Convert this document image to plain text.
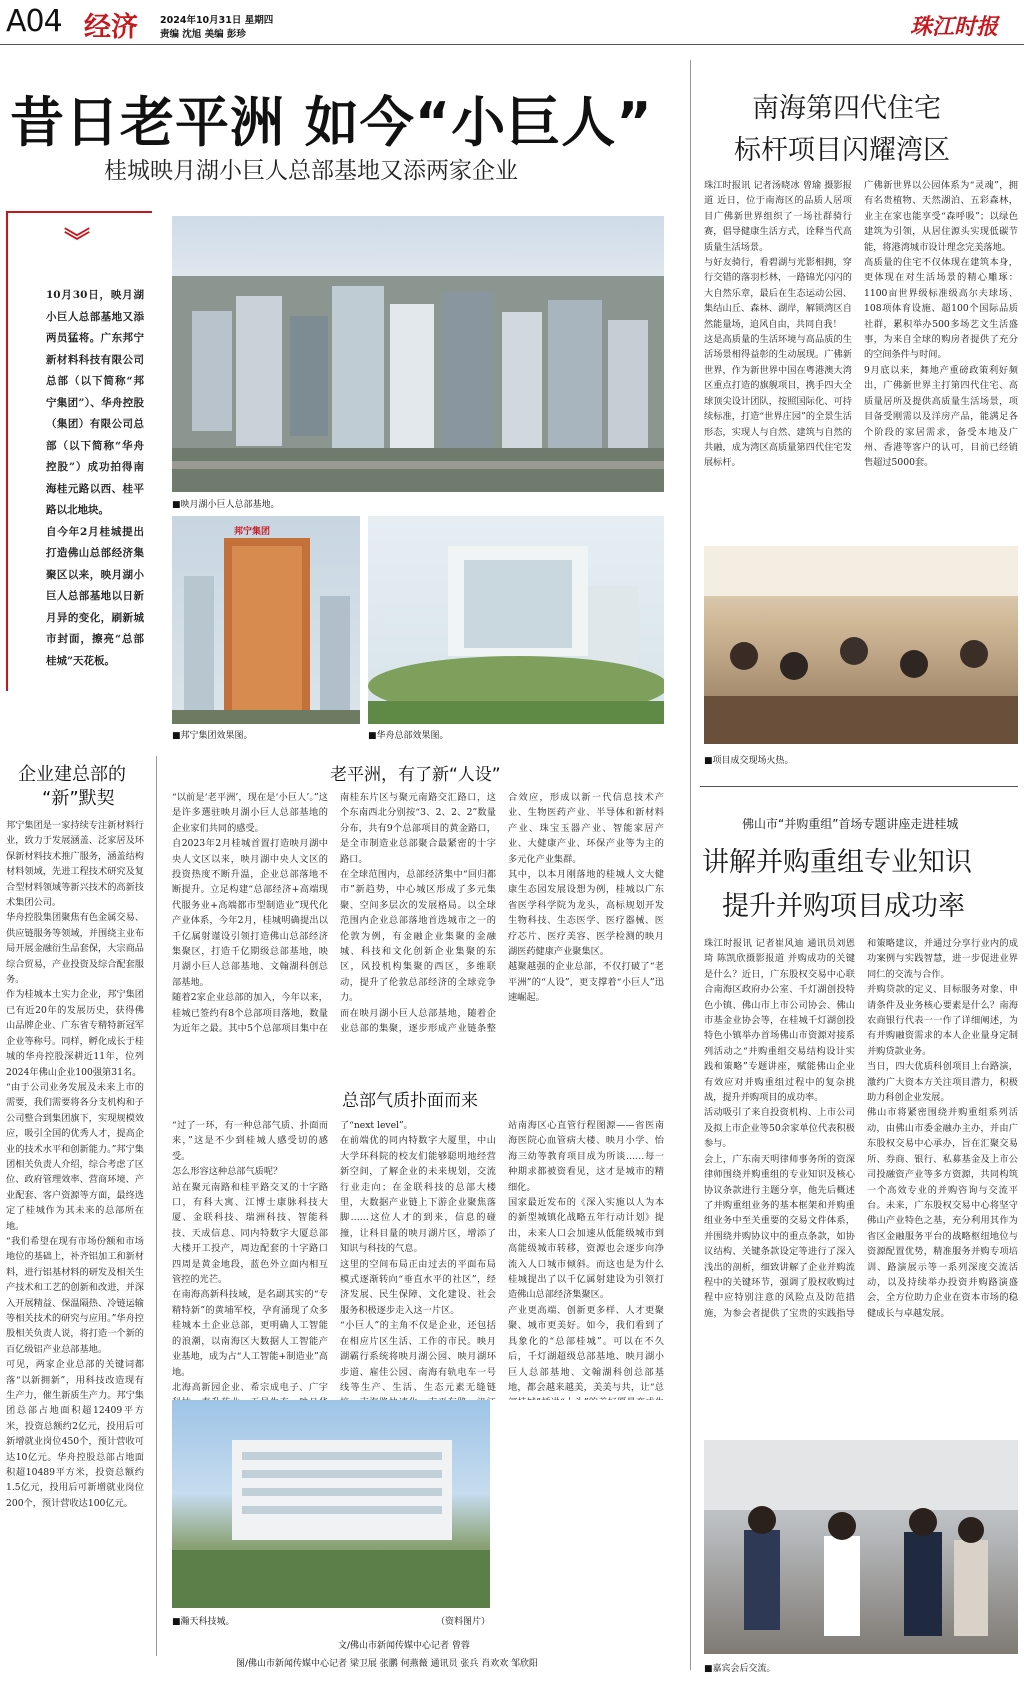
A04 经济 2024年10月31日 星期四
责编 沈旭 美编 彭珍	珠江时报
昔日老平洲 如今“小巨人”
桂城映月湖小巨人总部基地又添两家企业
︾
10月30日，映月湖小巨人总部基地又添两员猛将。广东邦宁新材料科技有限公司总部（以下简称“邦宁集团”）、华舟控股（集团）有限公司总部（以下简称“华舟控股”）成功拍得南海桂元路以西、桂平路以北地块。
自今年2月桂城提出打造佛山总部经济集聚区以来，映月湖小巨人总部基地以日新月异的变化，刷新城市封面，擦亮“总部桂城”天花板。
■映月湖小巨人总部基地。
邦宁集团
■邦宁集团效果图。	■华舟总部效果图。
企业建总部的
“新”默契
邦宁集团是一家持续专注新材料行业，致力于发展涵盖、泛家居及环保新材料技术推广服务，涵盖结构材料领域，先进工程技术研究及复合型材料领域等新兴技术的高新技术集团公司。
华舟控股集团聚焦有色金属交易、供应链服务等领域，并围绕主业布局开展金融衍生品套保，大宗商品综合贸易，产业投资及综合配套服务。
作为桂城本土实力企业，邦宁集团已有近20年的发展历史，获得佛山品牌企业、广东省专精特新冠军企业等称号。同样，孵化成长于桂城的华舟控股深耕近11年，位列2024年佛山企业100强第31名。
“由于公司业务发展及未来上市的需要，我们需要将各分支机构和子公司整合到集团旗下，实现规模效应，吸引全国的优秀人才，提高企业的技术水平和创新能力。”邦宁集团相关负责人介绍，综合考虑了区位、政府管理效率、营商环境、产业配套、客户资源等方面，最终选定了桂城作为其未来的总部所在地。
“我们希望在现有市场份额和市场地位的基础上，补齐铝加工和新材料，进行铝基材料的研发及相关生产技术和工艺的创新和改进，并深入开展精益、保温隔热、冷链运输等相关技术的研究与应用。”华舟控股相关负责人说，将打造一个新的百亿级铝产业总部基地。
可见，两家企业总部的关键词都落“以新拥新”，用科技改造现有生产力，催生新质生产力。邦宁集团总部占地面积超12409平方米，投资总额约2亿元，投用后可新增就业岗位450个，预计营收可达10亿元。华舟控股总部占地面积超10489平方米，投资总额约1.5亿元，投用后可新增就业岗位200个，预计营收达100亿元。
老平洲，有了新“人设”
“以前是‘老平洲’，现在是‘小巨人’。”这是许多選驻映月湖小巨人总部基地的企业家们共同的感受。
自2023年2月桂城首置打造映月湖中央人文区以来，映月湖中央人文区的投资热度不断升温，企业总部落地不断提升。立足构建“总部经济+高端现代服务业+高端都市型制造业”现代化产业体系，今年2月，桂城明确提出以千亿属射谨设引领打造佛山总部经济集聚区，打造千亿期级总部基地，映月湖小巨人总部基地、文翰湖科创总部基地。
随着2家企业总部的加入，今年以来，桂城已签约有8个总部项目落地，数量为近年之最。其中5个总部项目集中在南桂东片区与聚元南路交汇路口，这个东南西北分别按“3、2、2、2”数量分布，共有9个总部项目的黄金路口，是全市制造业总部聚合最紧密的十字路口。
在全球范围内，总部经济集中“回归都市”新趋势，中心城区形成了多元集聚、空间多层次的发展格局。以全球范围内企业总部落地首选城市之一的伦敦为例，有金融企业集聚的金融城、科技和文化创新企业集聚的东区，风投机构集聚的西区，多维联动，提升了伦敦总部经济的全球竞争力。
而在映月湖小巨人总部基地，随着企业总部的集聚，逐步形成产业链条整合效应，形成以新一代信息技术产业、生物医药产业、半导体和新材料产业、珠宝玉器产业、智能家居产业、大健康产业、环保产业等为主的多元化产业集群。
其中，以本月刚落地的桂城人文大健康生态园发展设想为例，桂城以广东省医学科学院为龙头，高标规划开发生物科技、生态医学、医疗器械、医疗芯片、医疗美容、医学检测的映月湖医药健康产业聚集区。
越聚越强的企业总部，不仅打破了“老平洲”的“人设”，更支撑着“小巨人”迅速崛起。
总部气质扑面而来
“过了一环，有一种总部气质、扑面而来，”这是不少到桂城人感受切的感受。
怎么形容这种总部气质呢？
站在聚元南路和桂平路交叉的十字路口，有科大寓、江博士康脉科技大厦、金联科技、瑞洲科技、智能科技、天成信息、同内特数字大厦总部大楼开工投产，周边配套的十字路口四周是黄金地段，蓝色外立面内相互管控的光芒。
在南海高新科技域，是名副其实的“专精特新”的黄埔军校，孕育涌现了众多桂城本土企业总部，更明确人工智能的浪潮，以南海区大数据人工智能产业基地，成为占“人工智能+制造业”高地。
北海高新园企业、希宗成电子、广宇 了“next level”。
在前端优的同内特数字大厦里，中山大学环科院的校友们能够聪明地经营新空间，了解企业的未来规划，交流行业走向；在金联科技的总部大楼里，大数据产业链上下游企业聚焦落脚……这位人才的到来，信息的碰撞，让科目量的映月湖片区，增添了知识与科技的气息。
这里的空间布局正由过去的平面布局模式逐渐转向“垂直水平的社区”，经济发展、民生保障、文化建设、社会服务积极逐步走入这一片区。
“小巨人”的主角不仅是企业，还包括在相应片区生活、工作的市民。映月湖霸行系统将映月湖公园、映月湖环步道、雇佳公园、南海有轨电车一号线等生产、生活、生态元素无缝链 站南海区心直管行程图源——省医南海医院心血管病大楼、映月小学、怡海三幼等教育项目成为所谈……每一种期求都被资看见，这才是城市的精细化。
国家最近发布的《深入实施以人为本的新型城镇化战略五年行动计划》提出，未来人口会加速从低能级城市到高能级城市转移，资源也会逐步向净流入人口城市倾斜。而这也是为什么桂城提出了以千亿属射建设为引领打造佛山总部经济集聚区。
产业更高端、创新更多样、人才更聚聚、城市更美好。如今，我们看到了具象化的“总部桂城”。可以在不久后，千灯湖超级总部基地、映月湖小巨人总部基地、文翰湖科创总部基地，都会越来越美，美美与共，让“总
■瀚天科技城。	（资料图片）
文/佛山市新闻传媒中心记者 曾蓉
图/佛山市新闻传媒中心记者 梁卫展 张鹏 何燕薇 通讯员 张兵 肖欢欢 邹欣阳
南海第四代住宅
标杆项目闪耀湾区
珠江时报讯 记者汤晓冰 曾瑜 摄影报道 近日，位于南海区的品质人居项目广佛新世界组织了一场社群骑行赛，倡导健康生活方式，诠释当代高质量生活场景。
与好友骑行，看碧湖与光影相拥，穿行交错的落羽杉林，一路锦光闪闪的大自然乐章，最后在生态运动公园、集结山丘、森林、湖岸，解锁湾区自然能量场，追风自由，共同自我！
这是高质量的生活环境与高品质的生活场景相得益彰的生动展现。广佛新世界，作为新世界中国在粤港澳大湾区重点打造的旗舰项目，携手四大全球顶尖设计团队，按照国际化、可持续标准，打造“世界庄园”的全景生活形态，实现人与自然、建筑与自然的共融，成为湾区高质量第四代住宅发展标杆。
广佛新世界以公园体系为“灵魂”，拥有名贵植物、天然湖泊、五彩森林，业主在家也能享受“森呼吸”；以绿色建筑为引领，从居住源头实现低碳节能，将港湾城市设计理念完美落地。
高质量的住宅不仅体现在建筑本身，更体现在对生活场景的精心雕琢：1100亩世界级标准级高尔夫球场、108项体育设施、超100个国际品质社群，累积举办500多场艺文生活盛事，为来自全球的购房者提供了充分的空间条件与时间。
9月底以来，舞地产重磅政策利好频出，广佛新世界主打第四代住宅、高质量居所及提供高质量生活场景，项目备受刚需以及洋房产品，能满足各个阶段的家居需求，备受本地及广州、香港等客户的认可，目前已经销售超过5000套。
■项目成交现场火热。
佛山市“并购重组”首场专题讲座走进桂城
讲解并购重组专业知识
提升并购项目成功率
珠江时报讯 记者崔风迪 通讯员刘恩琦 陈凯欣摄影报道 并购成功的关键是什么？近日，广东股权交易中心联合南海区政府办公室、千灯湖创投特色小镇、佛山市上市公司协会、佛山市基金业协会等，在桂城千灯湖创投特色小镇举办首场佛山市资源对接系列活动之“并购重组交易结构设计实践和策略”专题讲座，赋能佛山企业有效应对并购重组过程中的复杂挑战，提升并购项目的成功率。
活动吸引了来自投资机构、上市公司及拟上市企业等50余家单位代表积极参与。
会上，广东南天明律师事务所的资深律师围绕并购重组的专业知识及核心协议条款进行主题分享，他先后概述了并购重组业务的基本框架和并购重组业务中至关重要的交易文件体系，并围绕并购协议中的重点条款，如协议结构、关键条款设定等进行了深入浅出的剖析，细致讲解了企业并购流程中的关键环节，强调了股权收购过程中应特别注意的风险点及防范措施，为参会者提供了宝贵的实践指导和策略建议，并通过分享行业内的成功案例与实践智慧，进一步促进业界同仁的交流与合作。
并购贷款的定义、目标服务对象、申请条件及业务核心要素是什么？南海农商银行代表一一作了详细阐述，为有并购融资需求的本人企业量身定制并购贷款业务。
当日，四大优质科创项目上台路演，激约广大资本方关注项目潜力，积极助力科创企业发展。
佛山市将紧密围绕并购重组系列活动，由佛山市委金融办主办，并由广东股权交易中心承办，旨在汇聚交易所、券商、银行、私募基金及上市公司投融资产业等多方资源，共同构筑一个高效专业的并购咨询与交流平台。未来，广东股权交易中心将坚守佛山产业特色之基，充分利用其作为省区金融服务平台的战略枢纽地位与资源配置优势，精准服务并购专项培训、路演展示等一系列深度交流活动，以及持续举办投资并购路演盛会，全方位助力企业在资本市场的稳健成长与卓越发展。
■嘉宾会后交流。
